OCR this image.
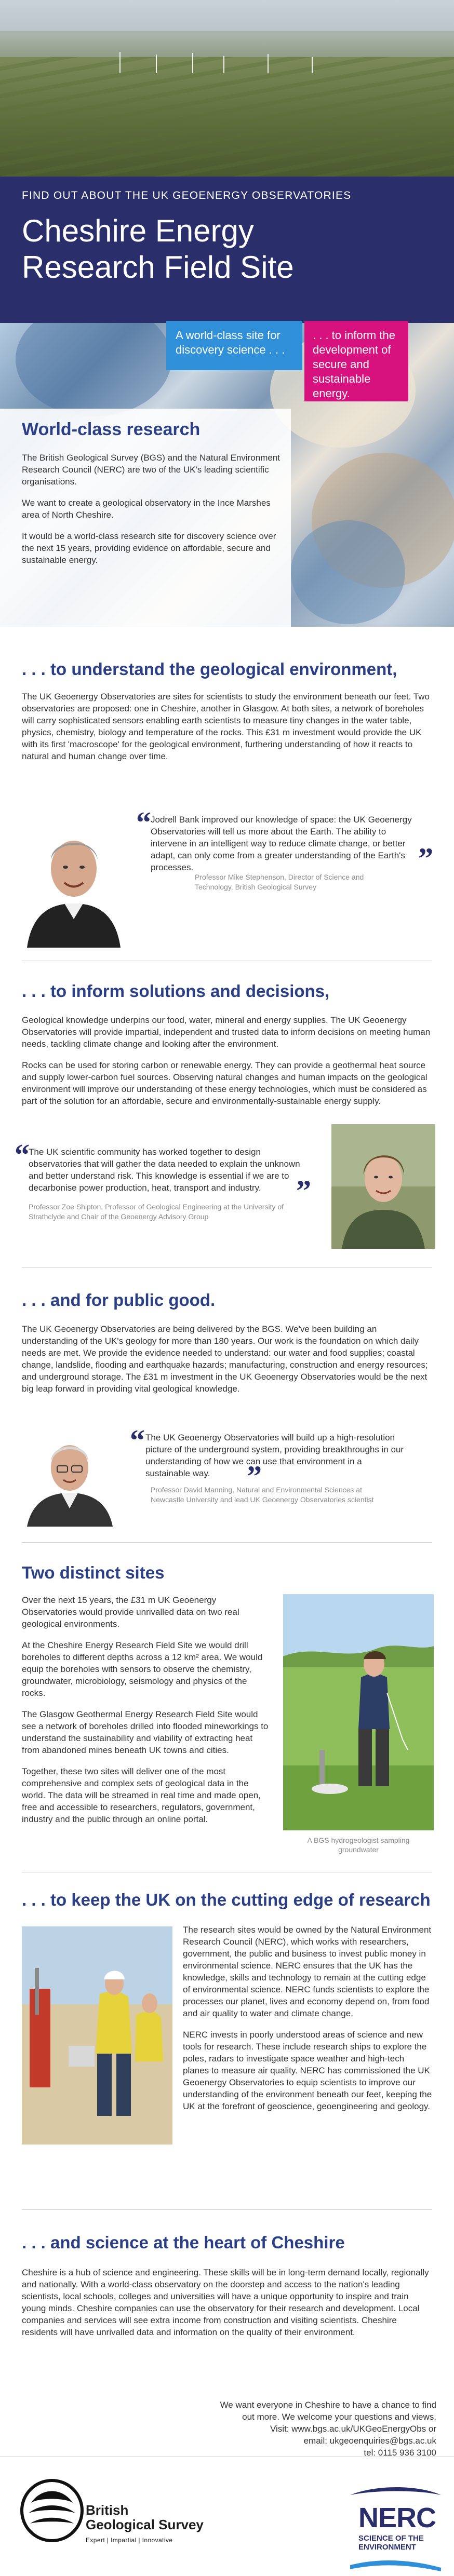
FIND OUT ABOUT THE UK GEOENERGY OBSERVATORIES
Cheshire Energy
Research Field Site
A world-class site for discovery science . . .
. . . to inform the development of secure and sustainable energy.
World-class research

The British Geological Survey (BGS) and the Natural Environment Research Council (NERC) are two of the UK's leading scientific organisations.

We want to create a geological observatory in the Ince Marshes area of North Cheshire.

It would be a world-class research site for discovery science over the next 15 years, providing evidence on affordable, secure and sustainable energy.

. . . to understand the geological environment,

The UK Geoenergy Observatories are sites for scientists to study the environment beneath our feet. Two observatories are proposed: one in Cheshire, another in Glasgow. At both sites, a network of boreholes will carry sophisticated sensors enabling earth scientists to measure tiny changes in the water table, physics, chemistry, biology and temperature of the rocks. This £31 m investment would provide the UK with its first 'macroscope' for the geological environment, furthering understanding of how it reacts to natural and human change over time.

“ Jodrell Bank improved our knowledge of space: the UK Geoenergy Observatories will tell us more about the Earth. The ability to intervene in an intelligent way to reduce climate change, or better adapt, can only come from a greater understanding of the Earth's processes.	”
Professor Mike Stephenson, Director of Science and Technology, British Geological Survey
. . . to inform solutions and decisions,

Geological knowledge underpins our food, water, mineral and energy supplies. The UK Geoenergy Observatories will provide impartial, independent and trusted data to inform decisions on meeting human needs, tackling climate change and looking after the environment.

Rocks can be used for storing carbon or renewable energy. They can provide a geothermal heat source and supply lower-carbon fuel sources. Observing natural changes and human impacts on the geological environment will improve our understanding of these energy technologies, which must be considered as part of the solution for an affordable, secure and environmentally-sustainable energy supply.

“
The UK scientific community has worked together to design observatories that will gather the data needed to explain the unknown and better understand risk. This knowledge is essential if we are to decarbonise power production, heat, transport and industry.	”
Professor Zoe Shipton, Professor of Geological Engineering at the University of Strathclyde and Chair of the Geoenergy Advisory Group
. . . and for public good.

The UK Geoenergy Observatories are being delivered by the BGS. We've been building an understanding of the UK's geology for more than 180 years. Our work is the foundation on which daily needs are met. We provide the evidence needed to understand: our water and food supplies; coastal change, landslide, flooding and earthquake hazards; manufacturing, construction and energy resources; and underground storage. The £31 m investment in the UK Geoenergy Observatories would be the next big leap forward in providing vital geological knowledge.

“ The UK Geoenergy Observatories will build up a high-resolution picture of the underground system, providing breakthroughs in our understanding of how we can use that environment in a sustainable way.	”
Professor David Manning, Natural and Environmental Sciences at Newcastle University and lead UK Geoenergy Observatories scientist
Two distinct sites

Over the next 15 years, the £31 m UK Geoenergy Observatories would provide unrivalled data on two real geological environments.

At the Cheshire Energy Research Field Site we would drill boreholes to different depths across a 12 km² area. We would equip the boreholes with sensors to observe the chemistry, groundwater, microbiology, seismology and physics of the rocks.

The Glasgow Geothermal Energy Research Field Site would see a network of boreholes drilled into flooded mineworkings to understand the sustainability and viability of extracting heat from abandoned mines beneath UK towns and cities.

Together, these two sites will deliver one of the most comprehensive and complex sets of geological data in the world. The data will be streamed in real time and made open, free and accessible to researchers, regulators, government, industry and the public through an online portal.

A BGS hydrogeologist sampling groundwater
. . . to keep the UK on the cutting edge of research

The research sites would be owned by the Natural Environment Research Council (NERC), which works with researchers, government, the public and business to invest public money in environmental science. NERC ensures that the UK has the knowledge, skills and technology to remain at the cutting edge of environmental science. NERC funds scientists to explore the processes our planet, lives and economy depend on, from food and air quality to water and climate change.

NERC invests in poorly understood areas of science and new tools for research. These include research ships to explore the poles, radars to investigate space weather and high-tech planes to measure air quality. NERC has commissioned the UK Geoenergy Observatories to equip scientists to improve our understanding of the environment beneath our feet, keeping the UK at the forefront of geoscience, geoengineering and geology.

. . . and science at the heart of Cheshire

Cheshire is a hub of science and engineering. These skills will be in long-term demand locally, regionally and nationally. With a world-class observatory on the doorstep and access to the nation's leading scientists, local schools, colleges and universities will have a unique opportunity to inspire and train young minds. Cheshire companies can use the observatory for their research and development. Local companies and services will see extra income from construction and visiting scientists. Cheshire residents will have unrivalled data and information on the quality of their environment.

We want everyone in Cheshire to have a chance to find
out more. We welcome your questions and views.
Visit: www.bgs.ac.uk/UKGeoEnergyObs or
email: ukgeoenquiries@bgs.ac.uk
tel: 0115 936 3100
British
Geological Survey
Expert | Impartial | Innovative
NERC
SCIENCE OF THE
ENVIRONMENT
